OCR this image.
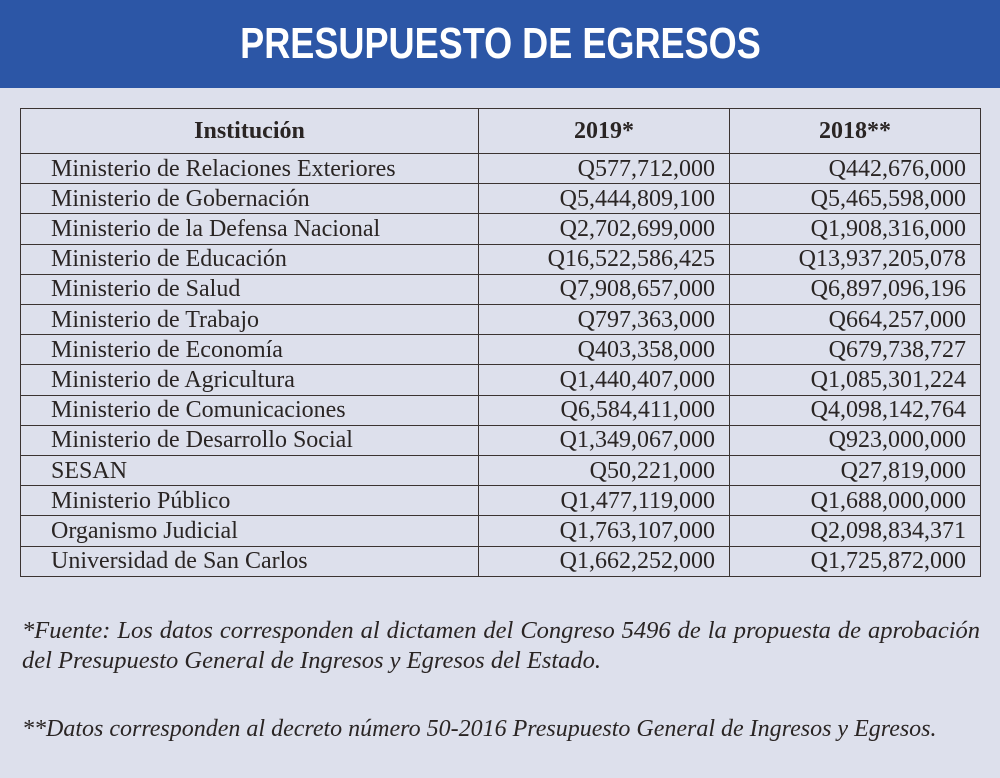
PRESUPUESTO DE EGRESOS
Institución	2019*	2018**
Ministerio de Relaciones Exteriores	Q577,712,000	Q442,676,000
Ministerio de Gobernación	Q5,444,809,100	Q5,465,598,000
Ministerio de la Defensa Nacional	Q2,702,699,000	Q1,908,316,000
Ministerio de Educación	Q16,522,586,425	Q13,937,205,078
Ministerio de Salud	Q7,908,657,000	Q6,897,096,196
Ministerio de Trabajo	Q797,363,000	Q664,257,000
Ministerio de Economía	Q403,358,000	Q679,738,727
Ministerio de Agricultura	Q1,440,407,000	Q1,085,301,224
Ministerio de Comunicaciones	Q6,584,411,000	Q4,098,142,764
Ministerio de Desarrollo Social	Q1,349,067,000	Q923,000,000
SESAN	Q50,221,000	Q27,819,000
Ministerio Público	Q1,477,119,000	Q1,688,000,000
Organismo Judicial	Q1,763,107,000	Q2,098,834,371
Universidad de San Carlos	Q1,662,252,000	Q1,725,872,000

*Fuente: Los datos corresponden al dictamen del Congreso 5496 de la propuesta de aprobación del Presupuesto General de Ingresos y Egresos del Estado.

**Datos corresponden al decreto número 50-2016 Presupuesto General de Ingresos y Egresos.
